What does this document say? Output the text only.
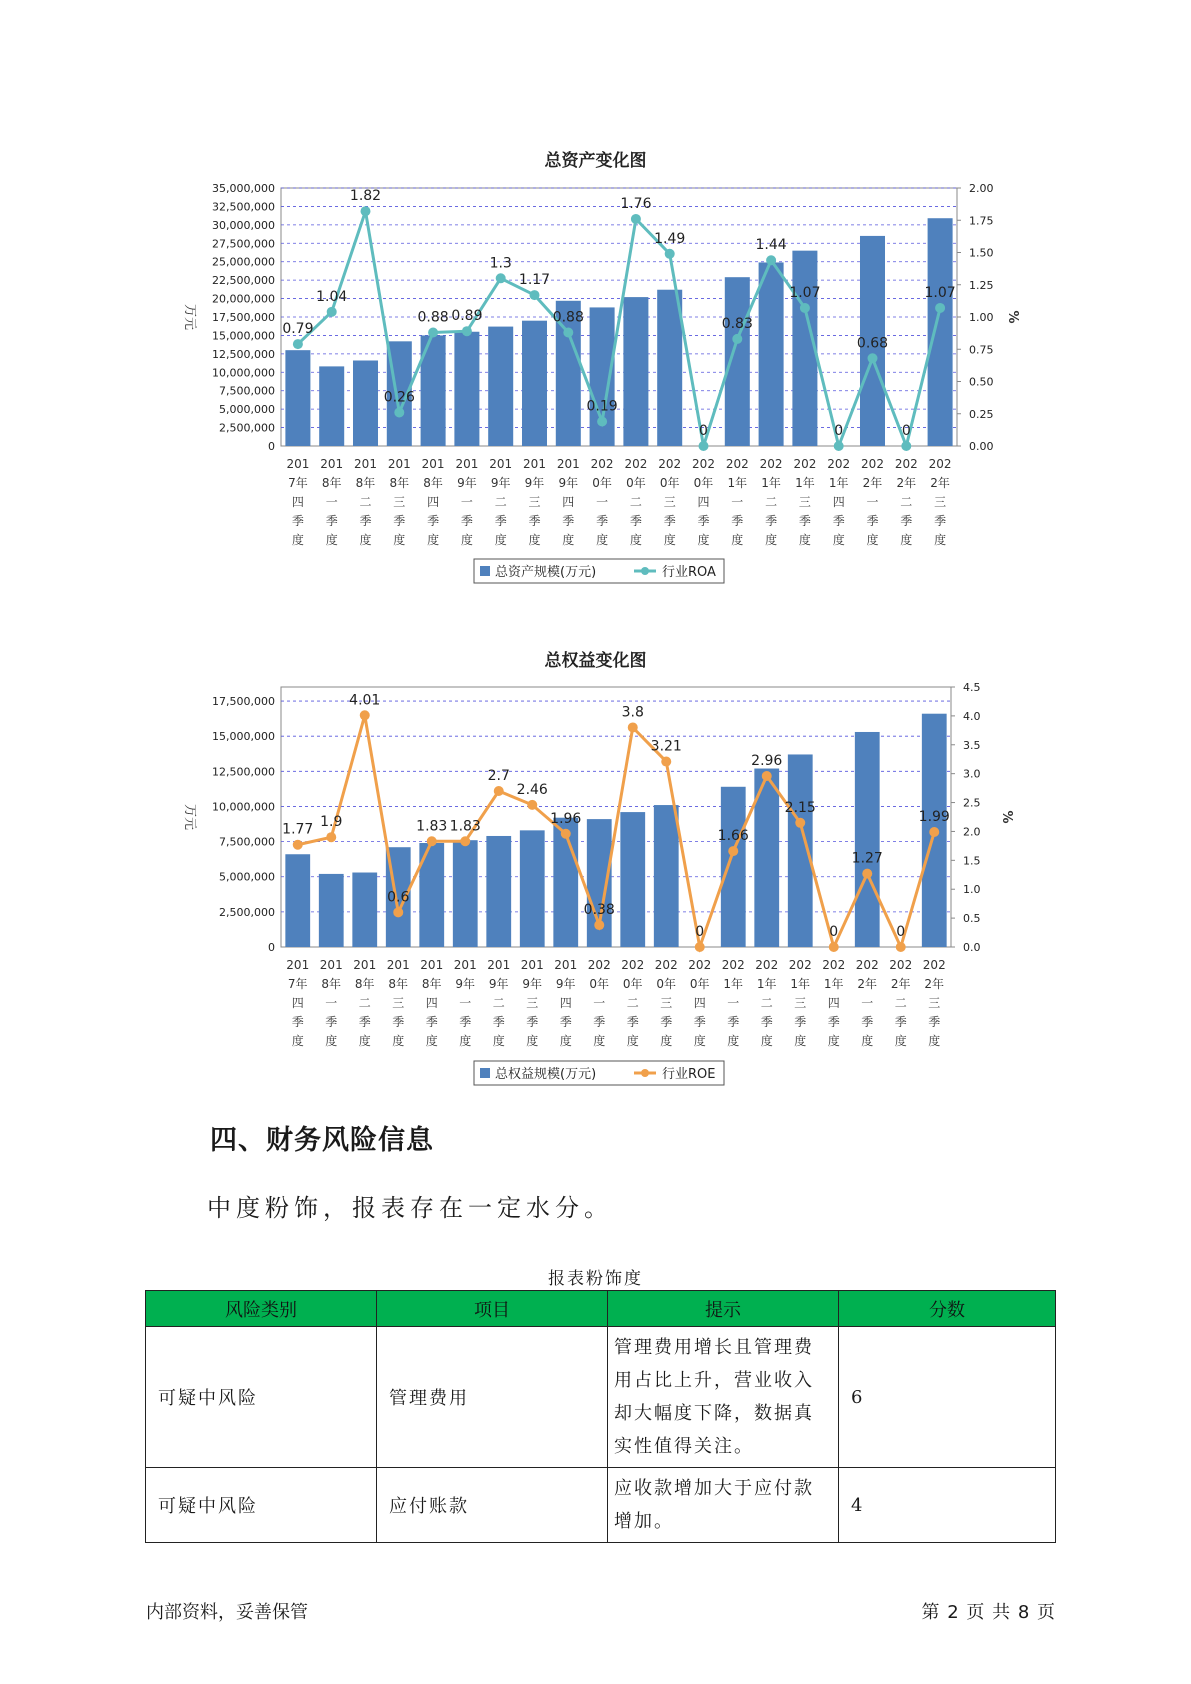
总资产变化图
0
2,500,000
5,000,000
7,500,000
10,000,000
12,500,000
15,000,000
17,500,000
20,000,000
22,500,000
25,000,000
27,500,000
30,000,000
32,500,000
35,000,000
0.00
0.25
0.50
0.75
1.00
1.25
1.50
1.75
2.00
万元	%
0.79
1.04
1.82
0.26
0.88 0.89
1.3
1.17
0.88
0.19
1.76
1.49
0
0.83
1.44
1.07
0
0.68
0
1.07
201
7年
四
季
度
201
8年
一
季
度
201
8年
二
季
度
201
8年
三
季
度
201
8年
四
季
度
201
9年
一
季
度
201
9年
二
季
度
201
9年
三
季
度
201
9年
四
季
度
202
0年
一
季
度
202
0年
二
季
度
202
0年
三
季
度
202
0年
四
季
度
202
1年
一
季
度
202
1年
二
季
度
202
1年
三
季
度
202
1年
四
季
度
202
2年
一
季
度
202
2年
二
季
度
202
2年
三
季
度
总资产规模(万元)	行业ROA
总权益变化图
0
2,500,000
5,000,000
7,500,000
10,000,000
12,500,000
15,000,000
17,500,000
0.0
0.5
1.0
1.5
2.0
2.5
3.0
3.5
4.0
4.5
万元	%
1.77 1.9
4.01
0.6
1.83 1.83
2.7
2.46
1.96
0.38
3.8
3.21
0
1.66
2.96
2.15
0
1.27
0
1.99
201
7年
四
季
度
201
8年
一
季
度
201
8年
二
季
度
201
8年
三
季
度
201
8年
四
季
度
201
9年
一
季
度
201
9年
二
季
度
201
9年
三
季
度
201
9年
四
季
度
202
0年
一
季
度
202
0年
二
季
度
202
0年
三
季
度
202
0年
四
季
度
202
1年
一
季
度
202
1年
二
季
度
202
1年
三
季
度
202
1年
四
季
度
202
2年
一
季
度
202
2年
二
季
度
202
2年
三
季
度
总权益规模(万元)	行业ROE
四、财务风险信息
中度粉饰，报表存在一定水分。
报表粉饰度
风险类别	项目	提示	分数
可疑中风险	管理费用	管理费用增长且管理费用占比上升，营业收入却大幅度下降，数据真实性值得关注。	6
可疑中风险	应付账款	应收款增加大于应付款增加。	4
内部资料，妥善保管	第 2 页 共 8 页
